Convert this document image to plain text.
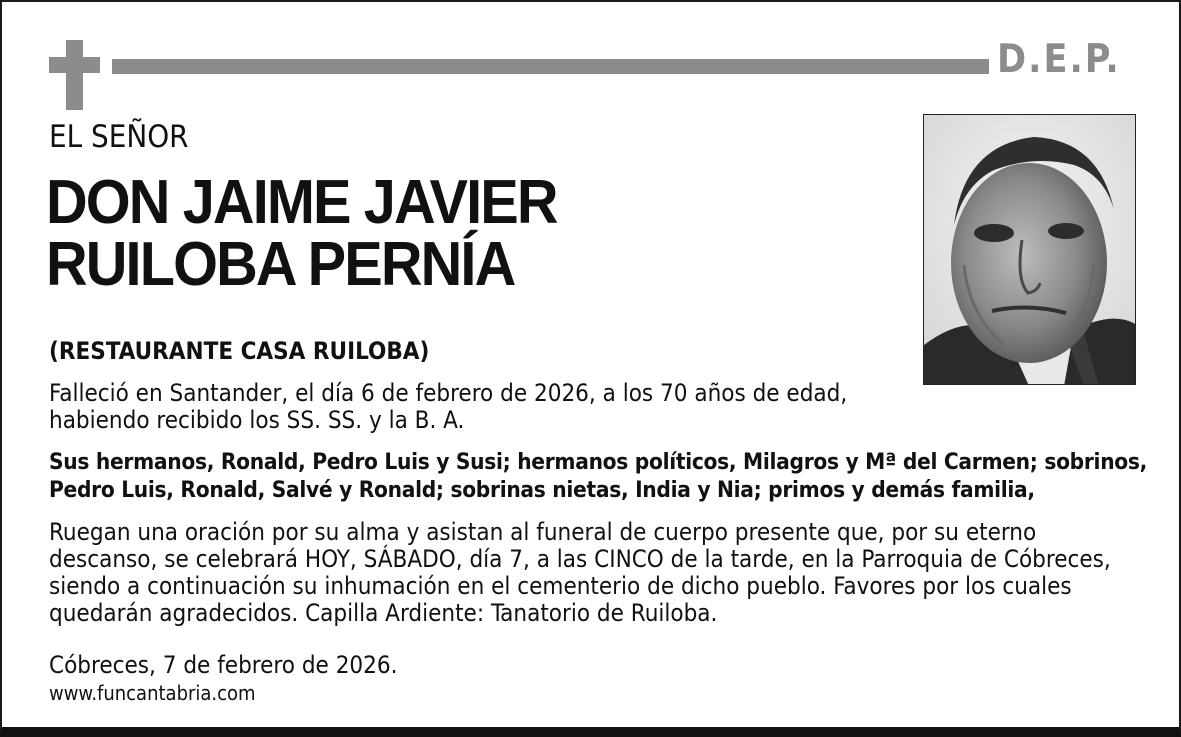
D.E.P.
EL SEÑOR
DON JAIME JAVIER
RUILOBA PERNÍA
(RESTAURANTE CASA RUILOBA)
Falleció en Santander, el día 6 de febrero de 2026, a los 70 años de edad,
habiendo recibido los SS. SS. y la B. A.
Sus hermanos, Ronald, Pedro Luis y Susi; hermanos políticos, Milagros y Mª del Carmen; sobrinos,
Pedro Luis, Ronald, Salvé y Ronald; sobrinas nietas, India y Nia; primos y demás familia,
Ruegan una oración por su alma y asistan al funeral de cuerpo presente que, por su eterno
descanso, se celebrará HOY, SÁBADO, día 7, a las CINCO de la tarde, en la Parroquia de Cóbreces,
siendo a continuación su inhumación en el cementerio de dicho pueblo. Favores por los cuales
quedarán agradecidos. Capilla Ardiente: Tanatorio de Ruiloba.
Cóbreces, 7 de febrero de 2026.
www.funcantabria.com
